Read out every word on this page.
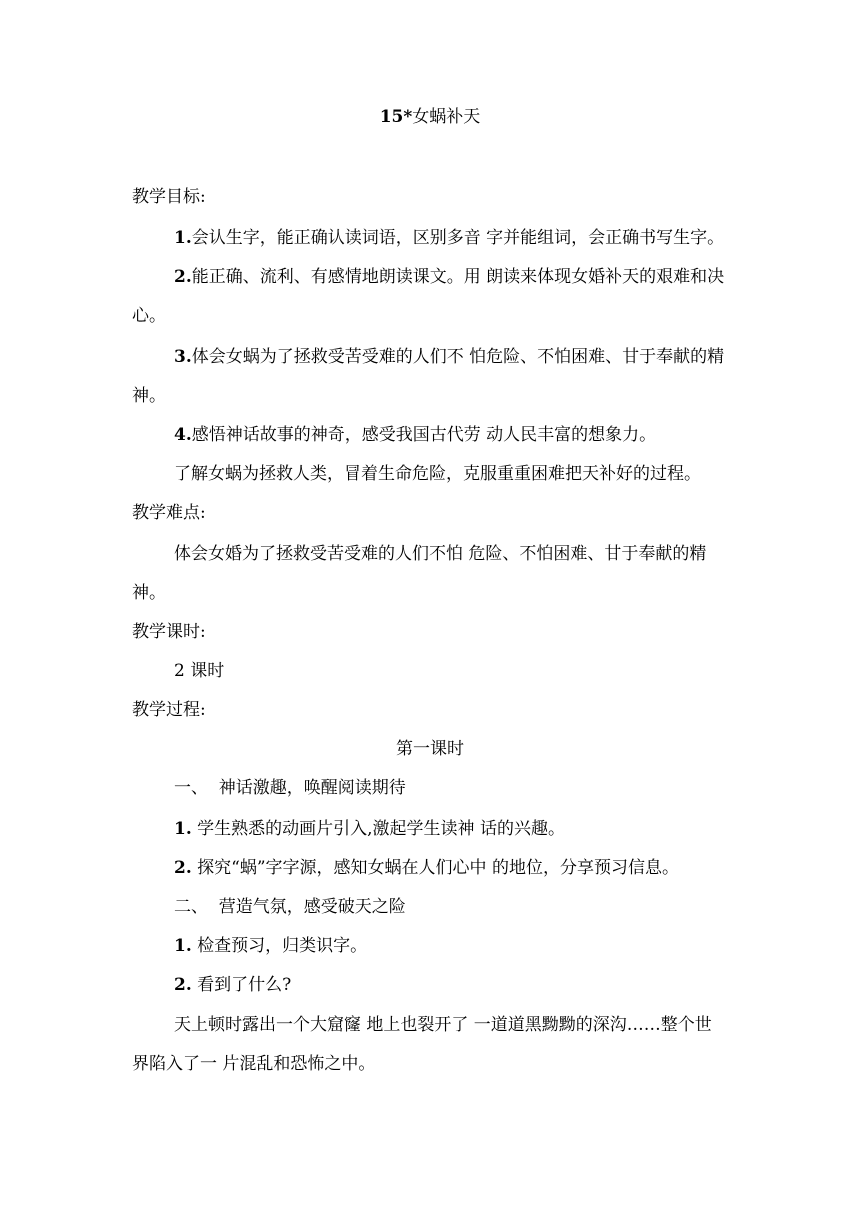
15*女蜗补天
教学目标:
1.会认生字，能正确认读词语，区别多音 字并能组词，会正确书写生字。
2.能正确、流利、有感情地朗读课文。用 朗读来体现女婚补天的艰难和决
心。
3.体会女蜗为了拯救受苦受难的人们不 怕危险、不怕困难、甘于奉献的精
神。
4.感悟神话故事的神奇，感受我国古代劳 动人民丰富的想象力。
了解女蜗为拯救人类，冒着生命危险，克服重重困难把天补好的过程。
教学难点:
体会女婚为了拯救受苦受难的人们不怕 危险、不怕困难、甘于奉献的精
神。
教学课时:
2 课时
教学过程:
第一课时
一、  神话激趣，唤醒阅读期待
1. 学生熟悉的动画片引入,激起学生读神 话的兴趣。
2. 探究“蜗”字字源，感知女蜗在人们心中 的地位，分享预习信息。
二、  营造气氛，感受破天之险
1. 检查预习，归类识字。
2. 看到了什么?
天上顿时露出一个大窟窿 地上也裂开了 一道道黑黝黝的深沟……整个世
界陷入了一 片混乱和恐怖之中。
